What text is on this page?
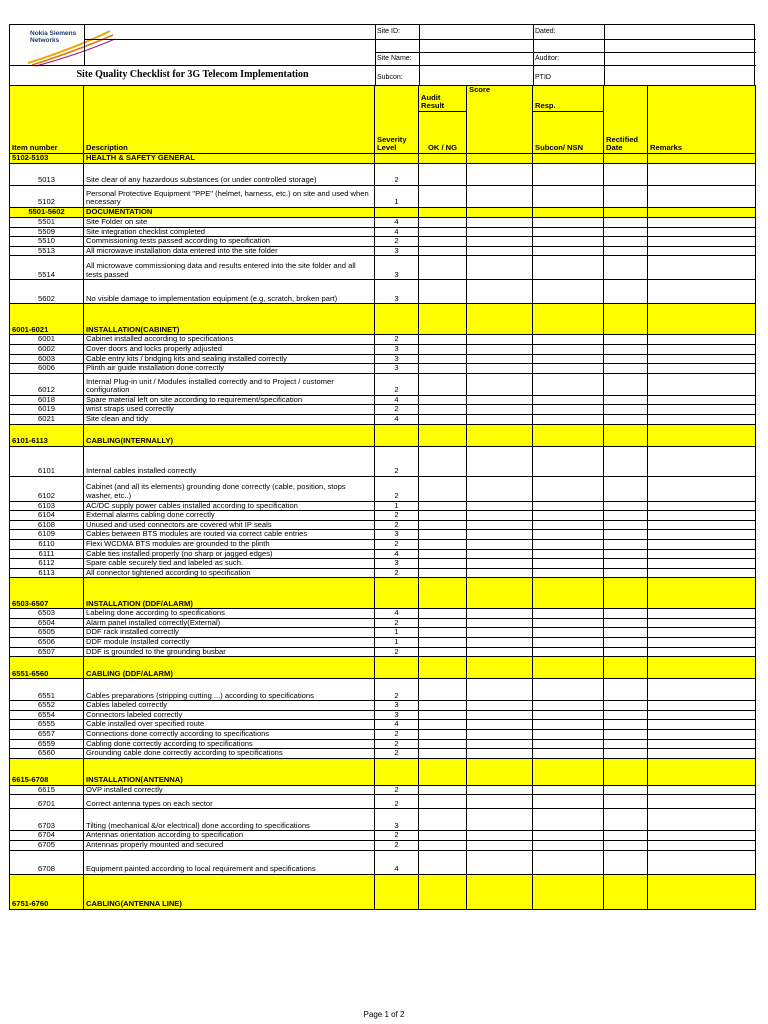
Nokia Siemens
Networks
Site Quality Checklist for 3G Telecom Implementation
Site ID:
Site Name:
Subcon:
Dated:
Auditor:
PTID
Item number	Description	Severity Level	Audit Result	Score	Resp.	Rectified Date	Remarks
			OK / NG		Subcon/ NSN		
5102-5103	HEALTH & SAFETY GENERAL						
5013	Site clear of any hazardous substances (or under controlled storage)	2					
5102	Personal Protective Equipment "PPE" (helmet, harness, etc.) on site and used when necessary	1					
5501-5602	DOCUMENTATION						
5501	Site Folder on site	4					
5509	Site integration checklist completed	4					
5510	Commissioning tests passed according to specification	2					
5513	All microwave installation data entered into the site folder	3					
5514	All microwave commissioning data and results entered into the site folder and all tests passed	3					
5602	No visible damage to implementation equipment (e.g, scratch, broken part)	3					
6001-6021	INSTALLATION(CABINET)						
6001	Cabinet installed according to specifications	2					
6002	Cover doors and locks properly adjusted	3					
6003	Cable entry kits / bridging kits and sealing installed correctly	3					
6006	Plinth air guide installation done correctly	3					
6012	Internal Plug-in unit / Modules installed correctly and to Project / customer configuration	2					
6018	Spare material left on site according to requirement/specification	4					
6019	wrist straps used correctly	2					
6021	Site clean and tidy	4					
6101-6113	CABLING(INTERNALLY)						
6101	Internal cables installed correctly	2					
6102	Cabinet (and all its elements) grounding done correctly (cable, position, stops washer, etc..)	2					
6103	AC/DC supply power cables installed according to specification	1					
6104	External alarms cabling done correctly	2					
6108	Unused and used connectors are covered whit IP seals	2					
6109	Cables between BTS modules are routed via correct cable entries	3					
6110	Flexi WCDMA BTS modules are grounded to the plinth	2					
6111	Cable ties installed properly (no sharp or jagged edges)	4					
6112	Spare cable securely tied and labeled as such.	3					
6113	All connector tightened according to specification	2					
6503-6507	INSTALLATION (DDF/ALARM)						
6503	Labeling done according to specifications	4					
6504	Alarm panel installed correctly(External)	2					
6505	DDF rack installed correctly	1					
6506	DDF module installed correctly	1					
6507	DDF is grounded to the grounding busbar	2					
6551-6560	CABLING (DDF/ALARM)						
6551	Cables preparations (stripping cutting ...) according to specifications	2					
6552	Cables labeled correctly	3					
6554	Connectors labeled correctly	3					
6555	Cable installed over specified route	4					
6557	Connections done correctly according to specifications	2					
6559	Cabling done correctly according to specifications	2					
6560	Grounding cable done correctly according to specifications	2					
6615-6708	INSTALLATION(ANTENNA)						
6615	OVP installed correctly	2					
6701	Correct antenna types on each sector	2					
6703	Tilting (mechanical &/or electrical) done according to specifications	3					
6704	Antennas orientation according to specification	2					
6705	Antennas properly mounted and secured	2					
6708	Equipment painted according to local requirement and specifications	4					
6751-6760	CABLING(ANTENNA LINE)						
Page 1 of 2
